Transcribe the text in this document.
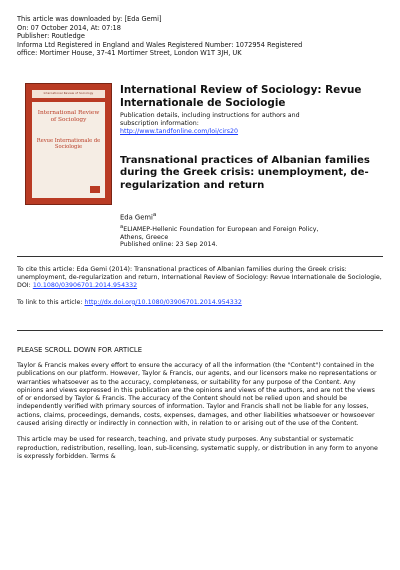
This article was downloaded by: [Eda Gemi]
On: 07 October 2014, At: 07:18
Publisher: Routledge
Informa Ltd Registered in England and Wales Registered Number: 1072954 Registered
office: Mortimer House, 37-41 Mortimer Street, London W1T 3JH, UK
International Review of Sociology
International Review of Sociology
Revue Internationale de Sociologie
International Review of Sociology: Revue Internationale de Sociologie
Publication details, including instructions for authors and
subscription information:
http://www.tandfonline.com/loi/cirs20
Transnational practices of Albanian families during the Greek crisis: unemployment, de-regularization and return
Eda Gemi$^a$
$^a$ELIAMEP-Hellenic Foundation for European and Foreign Policy,
Athens, Greece
Published online: 23 Sep 2014.
To cite this article: Eda Gemi (2014): Transnational practices of Albanian families during the Greek crisis: unemployment, de-regularization and return, International Review of Sociology: Revue Internationale de Sociologie, DOI: 10.1080/03906701.2014.954332
To link to this article: http://dx.doi.org/10.1080/03906701.2014.954332
PLEASE SCROLL DOWN FOR ARTICLE

Taylor & Francis makes every effort to ensure the accuracy of all the information (the "Content") contained in the publications on our platform. However, Taylor & Francis, our agents, and our licensors make no representations or warranties whatsoever as to the accuracy, completeness, or suitability for any purpose of the Content. Any opinions and views expressed in this publication are the opinions and views of the authors, and are not the views of or endorsed by Taylor & Francis. The accuracy of the Content should not be relied upon and should be independently verified with primary sources of information. Taylor and Francis shall not be liable for any losses, actions, claims, proceedings, demands, costs, expenses, damages, and other liabilities whatsoever or howsoever caused arising directly or indirectly in connection with, in relation to or arising out of the use of the Content.

This article may be used for research, teaching, and private study purposes. Any substantial or systematic reproduction, redistribution, reselling, loan, sub-licensing, systematic supply, or distribution in any form to anyone is expressly forbidden. Terms &
